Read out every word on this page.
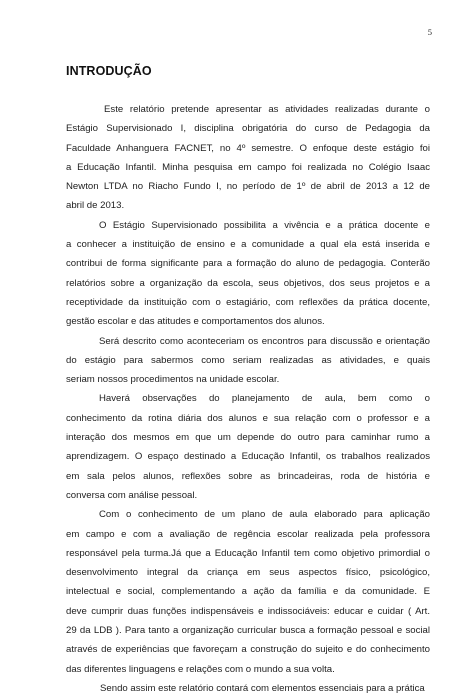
5
INTRODUÇÃO
Este relatório pretende apresentar as atividades realizadas durante o
Estágio Supervisionado I, disciplina obrigatória do curso de Pedagogia da
Faculdade Anhanguera FACNET, no 4º semestre. O enfoque deste estágio foi
a Educação Infantil. Minha pesquisa em campo foi realizada no Colégio Isaac
Newton LTDA no Riacho Fundo I, no período de 1º de abril de 2013 a 12 de
abril de 2013.
O Estágio Supervisionado possibilita a vivência e a prática docente e
a conhecer a instituição de ensino e a comunidade a qual ela está inserida e
contribui de forma significante para a formação do aluno de pedagogia. Conterão
relatórios sobre a organização da escola, seus objetivos, dos seus projetos e a
receptividade da instituição com o estagiário, com reflexões da prática docente,
gestão escolar e das atitudes e comportamentos dos alunos.
Será descrito como aconteceriam os encontros para discussão e orientação
do estágio para sabermos como seriam realizadas as atividades, e quais
seriam nossos procedimentos na unidade escolar.
Haverá observações do planejamento de aula, bem como o
conhecimento da rotina diária dos alunos e sua relação com o professor e a
interação dos mesmos em que um depende do outro para caminhar rumo a
aprendizagem. O espaço destinado a Educação Infantil, os trabalhos realizados
em sala pelos alunos, reflexões sobre as brincadeiras, roda de história e
conversa com análise pessoal.
Com o conhecimento de um plano de aula elaborado para aplicação
em campo e com a avaliação de regência escolar realizada pela professora
responsável pela turma.Já que a Educação Infantil tem como objetivo primordial o
desenvolvimento integral da criança em seus aspectos físico, psicológico,
intelectual e social, complementando a ação da família e da comunidade. E
deve cumprir duas funções indispensáveis e indissociáveis: educar e cuidar ( Art.
29 da LDB ). Para tanto a organização curricular busca a formação pessoal e social
através de experiências que favoreçam a construção do sujeito e do conhecimento
das diferentes linguagens e relações com o mundo a sua volta.
Sendo assim este relatório contará com elementos essenciais para a prática
